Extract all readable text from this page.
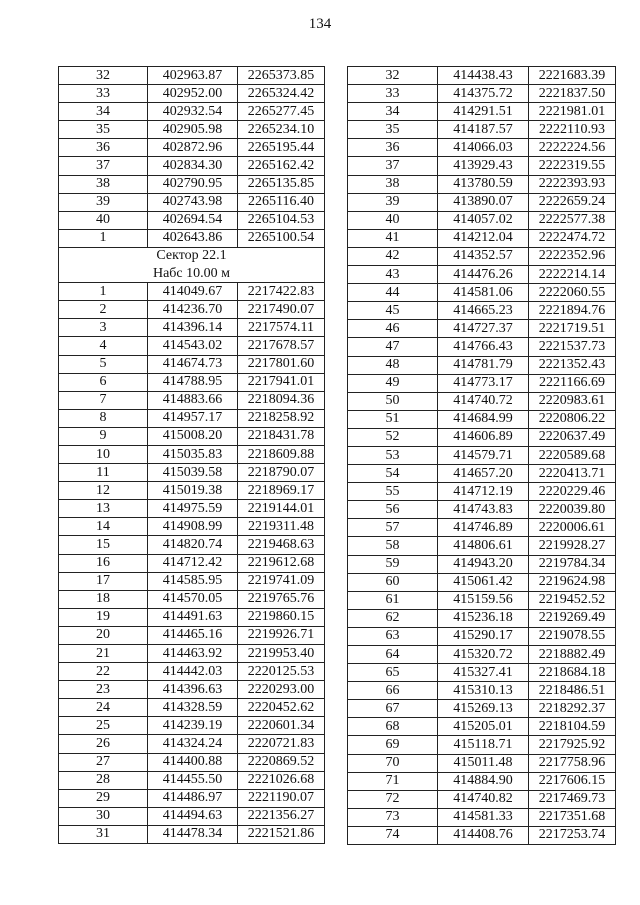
134
32	402963.87	2265373.85
33	402952.00	2265324.42
34	402932.54	2265277.45
35	402905.98	2265234.10
36	402872.96	2265195.44
37	402834.30	2265162.42
38	402790.95	2265135.85
39	402743.98	2265116.40
40	402694.54	2265104.53
1	402643.86	2265100.54
Сектор 22.1		
Набс 10.00 м		
1	414049.67	2217422.83
2	414236.70	2217490.07
3	414396.14	2217574.11
4	414543.02	2217678.57
5	414674.73	2217801.60
6	414788.95	2217941.01
7	414883.66	2218094.36
8	414957.17	2218258.92
9	415008.20	2218431.78
10	415035.83	2218609.88
11	415039.58	2218790.07
12	415019.38	2218969.17
13	414975.59	2219144.01
14	414908.99	2219311.48
15	414820.74	2219468.63
16	414712.42	2219612.68
17	414585.95	2219741.09
18	414570.05	2219765.76
19	414491.63	2219860.15
20	414465.16	2219926.71
21	414463.92	2219953.40
22	414442.03	2220125.53
23	414396.63	2220293.00
24	414328.59	2220452.62
25	414239.19	2220601.34
26	414324.24	2220721.83
27	414400.88	2220869.52
28	414455.50	2221026.68
29	414486.97	2221190.07
30	414494.63	2221356.27
31	414478.34	2221521.86
32	414438.43	2221683.39
33	414375.72	2221837.50
34	414291.51	2221981.01
35	414187.57	2222110.93
36	414066.03	2222224.56
37	413929.43	2222319.55
38	413780.59	2222393.93
39	413890.07	2222659.24
40	414057.02	2222577.38
41	414212.04	2222474.72
42	414352.57	2222352.96
43	414476.26	2222214.14
44	414581.06	2222060.55
45	414665.23	2221894.76
46	414727.37	2221719.51
47	414766.43	2221537.73
48	414781.79	2221352.43
49	414773.17	2221166.69
50	414740.72	2220983.61
51	414684.99	2220806.22
52	414606.89	2220637.49
53	414579.71	2220589.68
54	414657.20	2220413.71
55	414712.19	2220229.46
56	414743.83	2220039.80
57	414746.89	2220006.61
58	414806.61	2219928.27
59	414943.20	2219784.34
60	415061.42	2219624.98
61	415159.56	2219452.52
62	415236.18	2219269.49
63	415290.17	2219078.55
64	415320.72	2218882.49
65	415327.41	2218684.18
66	415310.13	2218486.51
67	415269.13	2218292.37
68	415205.01	2218104.59
69	415118.71	2217925.92
70	415011.48	2217758.96
71	414884.90	2217606.15
72	414740.82	2217469.73
73	414581.33	2217351.68
74	414408.76	2217253.74
